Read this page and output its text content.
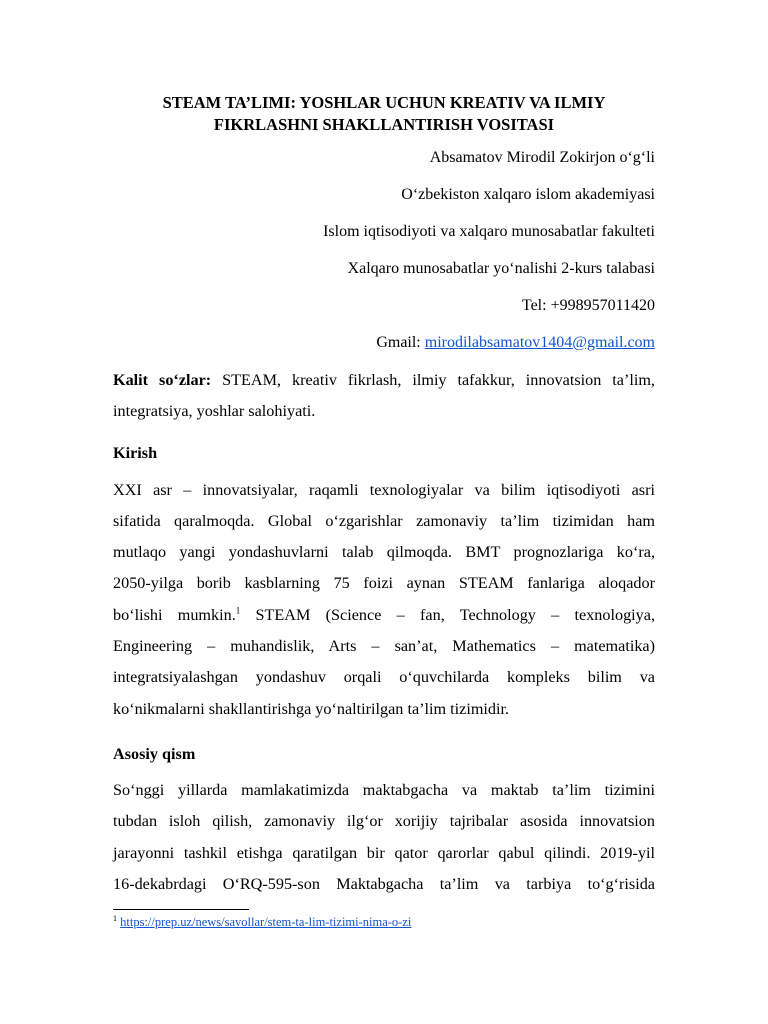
STEAM TA’LIMI: YOSHLAR UCHUN KREATIV VA ILMIY
FIKRLASHNI SHAKLLANTIRISH VOSITASI

Absamatov Mirodil Zokirjon o‘g‘li

O‘zbekiston xalqaro islom akademiyasi

Islom iqtisodiyoti va xalqaro munosabatlar fakulteti

Xalqaro munosabatlar yo‘nalishi 2-kurs talabasi

Tel: +998957011420

Gmail: mirodilabsamatov1404@gmail.com

Kalit so‘zlar: STEAM, kreativ fikrlash, ilmiy tafakkur, innovatsion ta’lim,
integratsiya, yoshlar salohiyati.

Kirish

XXI asr – innovatsiyalar, raqamli texnologiyalar va bilim iqtisodiyoti asri
sifatida qaralmoqda. Global o‘zgarishlar zamonaviy ta’lim tizimidan ham
mutlaqo yangi yondashuvlarni talab qilmoqda. BMT prognozlariga ko‘ra,
2050-yilga borib kasblarning 75 foizi aynan STEAM fanlariga aloqador
bo‘lishi mumkin.$^1$ STEAM (Science – fan, Technology – texnologiya,
Engineering – muhandislik, Arts – san’at, Mathematics – matematika)
integratsiyalashgan yondashuv orqali o‘quvchilarda kompleks bilim va
ko‘nikmalarni shakllantirishga yo‘naltirilgan ta’lim tizimidir.

Asosiy qism

So‘nggi yillarda mamlakatimizda maktabgacha va maktab ta’lim tizimini
tubdan isloh qilish, zamonaviy ilg‘or xorijiy tajribalar asosida innovatsion
jarayonni tashkil etishga qaratilgan bir qator qarorlar qabul qilindi. 2019-yil
16-dekabrdagi O‘RQ-595-son Maktabgacha ta’lim va tarbiya to‘g‘risida

$^1$ https://prep.uz/news/savollar/stem-ta-lim-tizimi-nima-o-zi
